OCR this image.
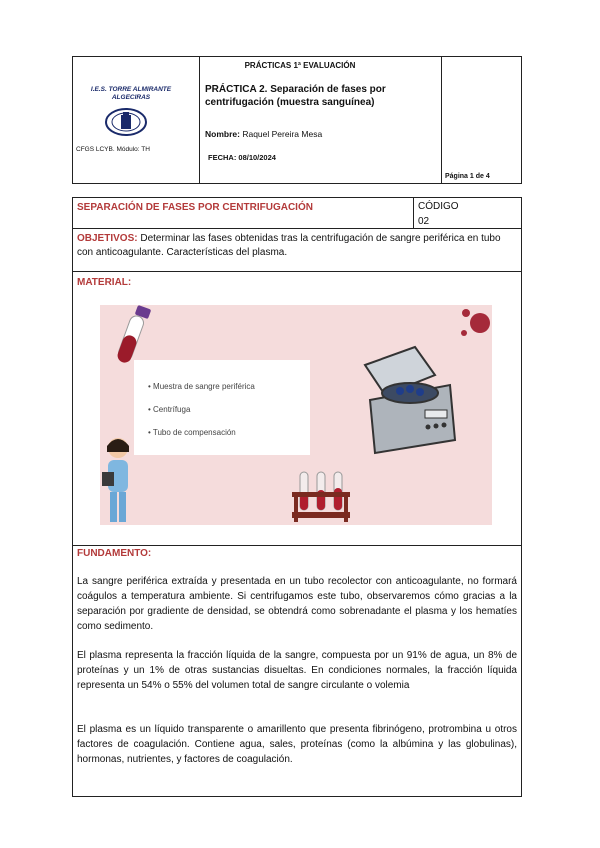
PRÁCTICAS 1ª EVALUACIÓN
I.E.S. TORRE ALMIRANTE ALGECIRAS
CFGS LCYB. Módulo: TH
PRÁCTICA 2. Separación de fases por centrifugación (muestra sanguínea)
Nombre: Raquel Pereira Mesa
FECHA: 08/10/2024
Página 1 de 4
SEPARACIÓN DE FASES POR CENTRIFUGACIÓN	CÓDIGO
02
OBJETIVOS: Determinar las fases obtenidas tras la centrifugación de sangre periférica en tubo con anticoagulante. Características del plasma.
MATERIAL:
• Muestra de sangre periférica
• Centrífuga
• Tubo de compensación
FUNDAMENTO:
La sangre periférica extraída y presentada en un tubo recolector con anticoagulante, no formará coágulos a temperatura ambiente. Si centrifugamos este tubo, observaremos cómo gracias a la separación por gradiente de densidad, se obtendrá como sobrenadante el plasma y los hematíes como sedimento.
El plasma representa la fracción líquida de la sangre, compuesta por un 91% de agua, un 8% de proteínas y un 1% de otras sustancias disueltas. En condiciones normales, la fracción líquida representa un 54% o 55% del volumen total de sangre circulante o volemia
El plasma es un líquido transparente o amarillento que presenta fibrinógeno, protrombina u otros factores de coagulación. Contiene agua, sales, proteínas (como la albúmina y las globulinas), hormonas, nutrientes, y factores de coagulación.
